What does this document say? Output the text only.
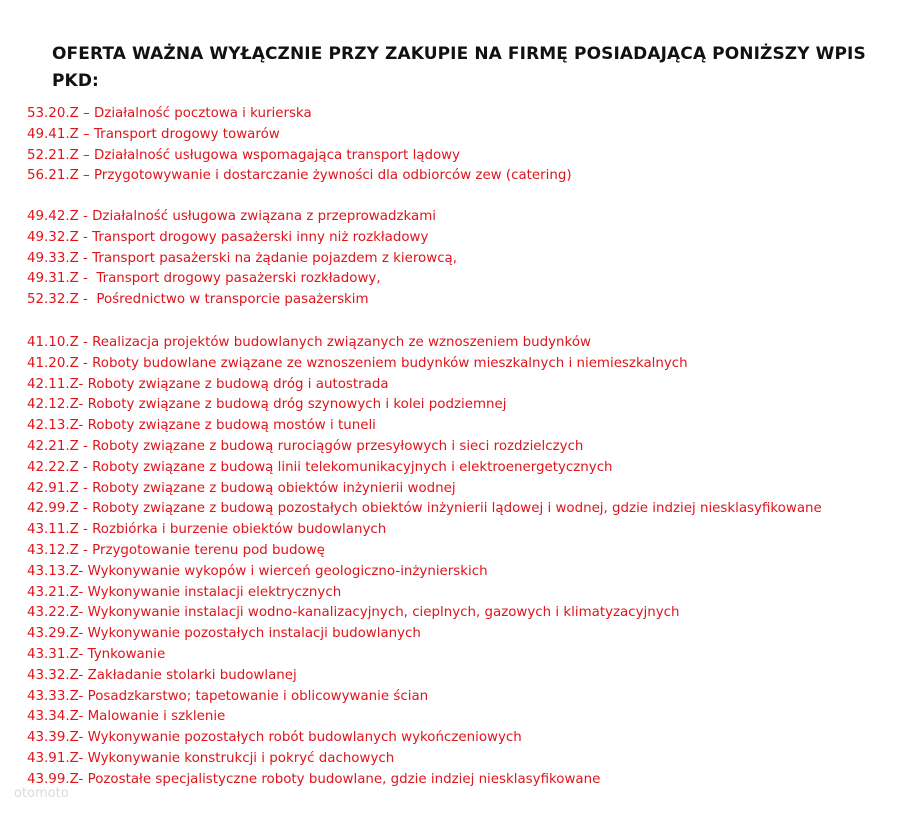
OFERTA WAŻNA WYŁĄCZNIE PRZY ZAKUPIE NA FIRMĘ POSIADAJĄCĄ PONIŻSZY WPIS PKD:
53.20.Z – Działalność pocztowa i kurierska
49.41.Z – Transport drogowy towarów
52.21.Z – Działalność usługowa wspomagająca transport lądowy
56.21.Z – Przygotowywanie i dostarczanie żywności dla odbiorców zew (catering)
49.42.Z - Działalność usługowa związana z przeprowadzkami
49.32.Z - Transport drogowy pasażerski inny niż rozkładowy
49.33.Z - Transport pasażerski na żądanie pojazdem z kierowcą,
49.31.Z -  Transport drogowy pasażerski rozkładowy,
52.32.Z -  Pośrednictwo w transporcie pasażerskim
41.10.Z - Realizacja projektów budowlanych związanych ze wznoszeniem budynków
41.20.Z - Roboty budowlane związane ze wznoszeniem budynków mieszkalnych i niemieszkalnych
42.11.Z- Roboty związane z budową dróg i autostrada
42.12.Z- Roboty związane z budową dróg szynowych i kolei podziemnej
42.13.Z- Roboty związane z budową mostów i tuneli
42.21.Z - Roboty związane z budową rurociągów przesyłowych i sieci rozdzielczych
42.22.Z - Roboty związane z budową linii telekomunikacyjnych i elektroenergetycznych
42.91.Z - Roboty związane z budową obiektów inżynierii wodnej
42.99.Z - Roboty związane z budową pozostałych obiektów inżynierii lądowej i wodnej, gdzie indziej niesklasyfikowane
43.11.Z - Rozbiórka i burzenie obiektów budowlanych
43.12.Z - Przygotowanie terenu pod budowę
43.13.Z- Wykonywanie wykopów i wierceń geologiczno-inżynierskich
43.21.Z- Wykonywanie instalacji elektrycznych
43.22.Z- Wykonywanie instalacji wodno-kanalizacyjnych, cieplnych, gazowych i klimatyzacyjnych
43.29.Z- Wykonywanie pozostałych instalacji budowlanych
43.31.Z- Tynkowanie
43.32.Z- Zakładanie stolarki budowlanej
43.33.Z- Posadzkarstwo; tapetowanie i oblicowywanie ścian
43.34.Z- Malowanie i szklenie
43.39.Z- Wykonywanie pozostałych robót budowlanych wykończeniowych
43.91.Z- Wykonywanie konstrukcji i pokryć dachowych
43.99.Z- Pozostałe specjalistyczne roboty budowlane, gdzie indziej niesklasyfikowane
otomoto
